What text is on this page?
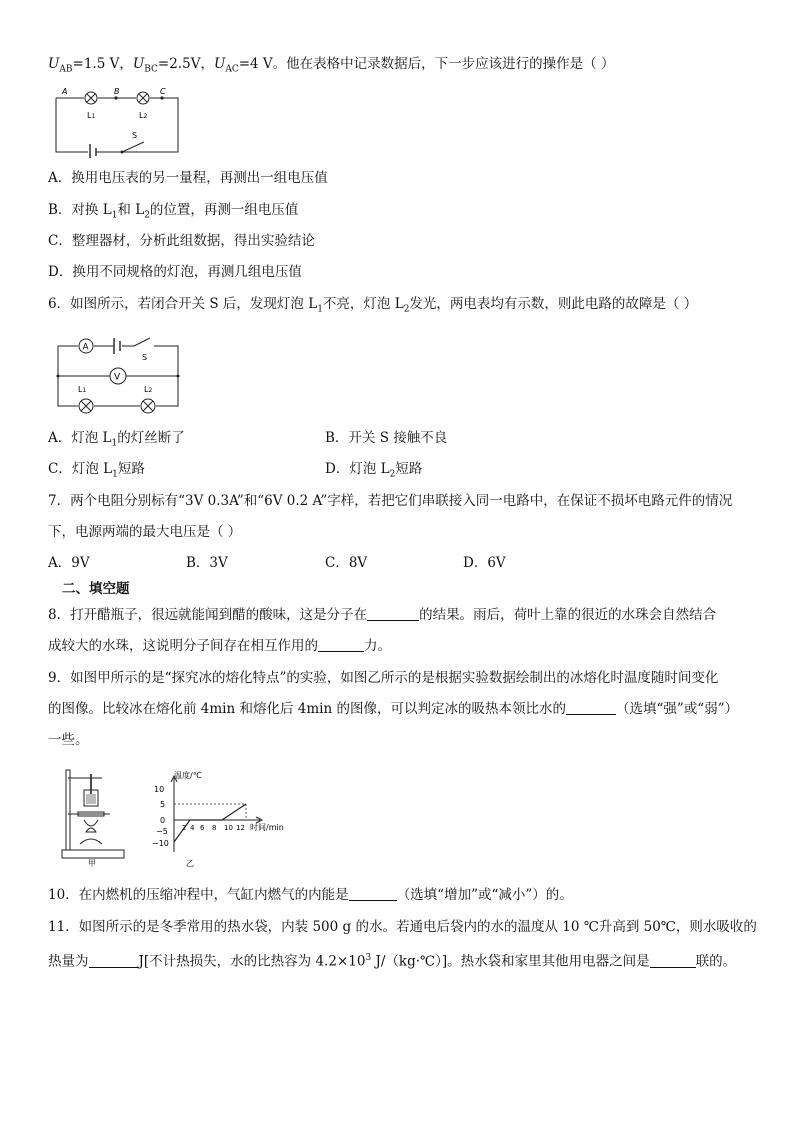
$U_{AB}=1.5$ V，$U_{BC}=2.5V$，$U_{AC}=4$ V。他在表格中记录数据后，下一步应该进行的操作是（ ）
A	B	C
L1	L2
S
A．换用电压表的另一量程，再测出一组电压值
B．对换 $L_1$和 $L_2$的位置，再测一组电压值
C．整理器材，分析此组数据，得出实验结论
D．换用不同规格的灯泡，再测几组电压值
6．如图所示，若闭合开关 S 后，发现灯泡 $L_1$不亮，灯泡 $L_2$发光，两电表均有示数，则此电路的故障是（ ）
A
V
S
L1	L2
A．灯泡 $L_1$的灯丝断了	B．开关 S 接触不良
C．灯泡 $L_1$短路	D．灯泡 $L_2$短路
7．两个电阻分别标有“3V 0.3A”和“6V 0.2 A”字样，若把它们串联接入同一电路中，在保证不损坏电路元件的情况
下，电源两端的最大电压是（ ）
A．9V	B．3V	C．8V	D．6V
二、填空题
8．打开醋瓶子，很远就能闻到醋的酸味，这是分子在	的结果。雨后，荷叶上靠的很近的水珠会自然结合
成较大的水珠，这说明分子间存在相互作用的	力。
9．如图甲所示的是“探究冰的熔化特点”的实验，如图乙所示的是根据实验数据绘制出的冰熔化时温度随时间变化
的图像。比较冰在熔化前 4min 和熔化后 4min 的图像，可以判定冰的吸热本领比水的	（选填“强”或“弱”）
一些。
甲
温度/℃
10
5
0
−5
−10
2 4 6 8 10 12 时间/min
乙
10．在内燃机的压缩冲程中，气缸内燃气的内能是	（选填“增加”或“减小”）的。
11．如图所示的是冬季常用的热水袋，内装 500 g 的水。若通电后袋内的水的温度从 10 ℃升高到 50℃，则水吸收的
热量为	J[不计热损失，水的比热容为 $4.2\times 10^3$ J/（kg·℃）]。热水袋和家里其他用电器之间是	联的。
